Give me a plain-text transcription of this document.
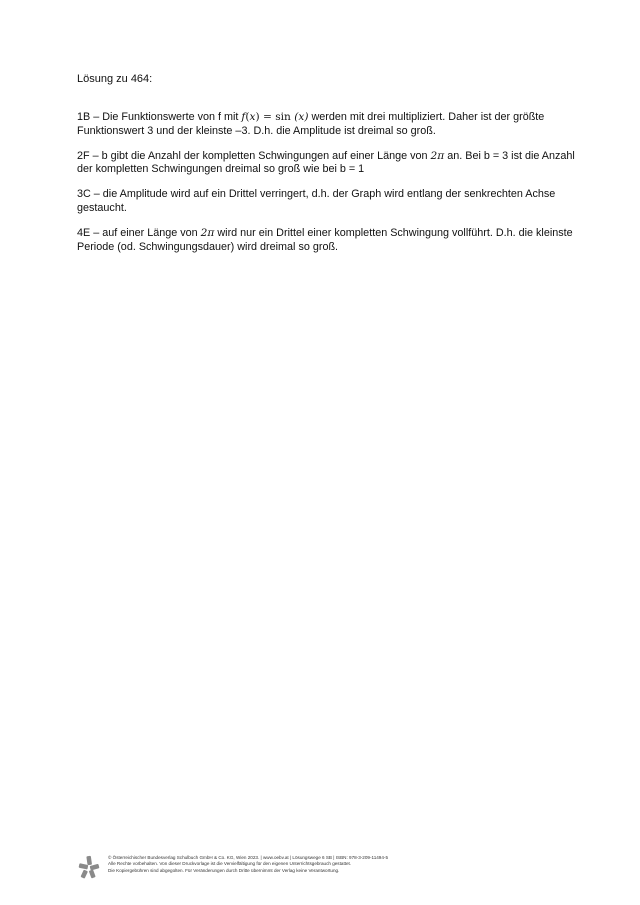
Lösung zu 464:
1B – Die Funktionswerte von f mit f(x) = sin (x) werden mit drei multipliziert. Daher ist der größte
Funktionswert 3 und der kleinste –3. D.h. die Amplitude ist dreimal so groß.
2F – b gibt die Anzahl der kompletten Schwingungen auf einer Länge von 2π an. Bei b = 3 ist die Anzahl
der kompletten Schwingungen dreimal so groß wie bei b = 1
3C – die Amplitude wird auf ein Drittel verringert, d.h. der Graph wird entlang der senkrechten Achse
gestaucht.
4E – auf einer Länge von 2π wird nur ein Drittel einer kompletten Schwingung vollführt. D.h. die kleinste
Periode (od. Schwingungsdauer) wird dreimal so groß.
© Österreichischer Bundesverlag Schulbuch GmbH & Co. KG, Wien 2023. | www.oebv.at | Lösungswege 6 SB | ISBN: 978-3-209-11494-5
Alle Rechte vorbehalten. Von dieser Druckvorlage ist die Vervielfältigung für den eigenen Unterrichtsgebrauch gestattet.
Die Kopiergebühren sind abgegolten. Für Veränderungen durch Dritte übernimmt der Verlag keine Verantwortung.
